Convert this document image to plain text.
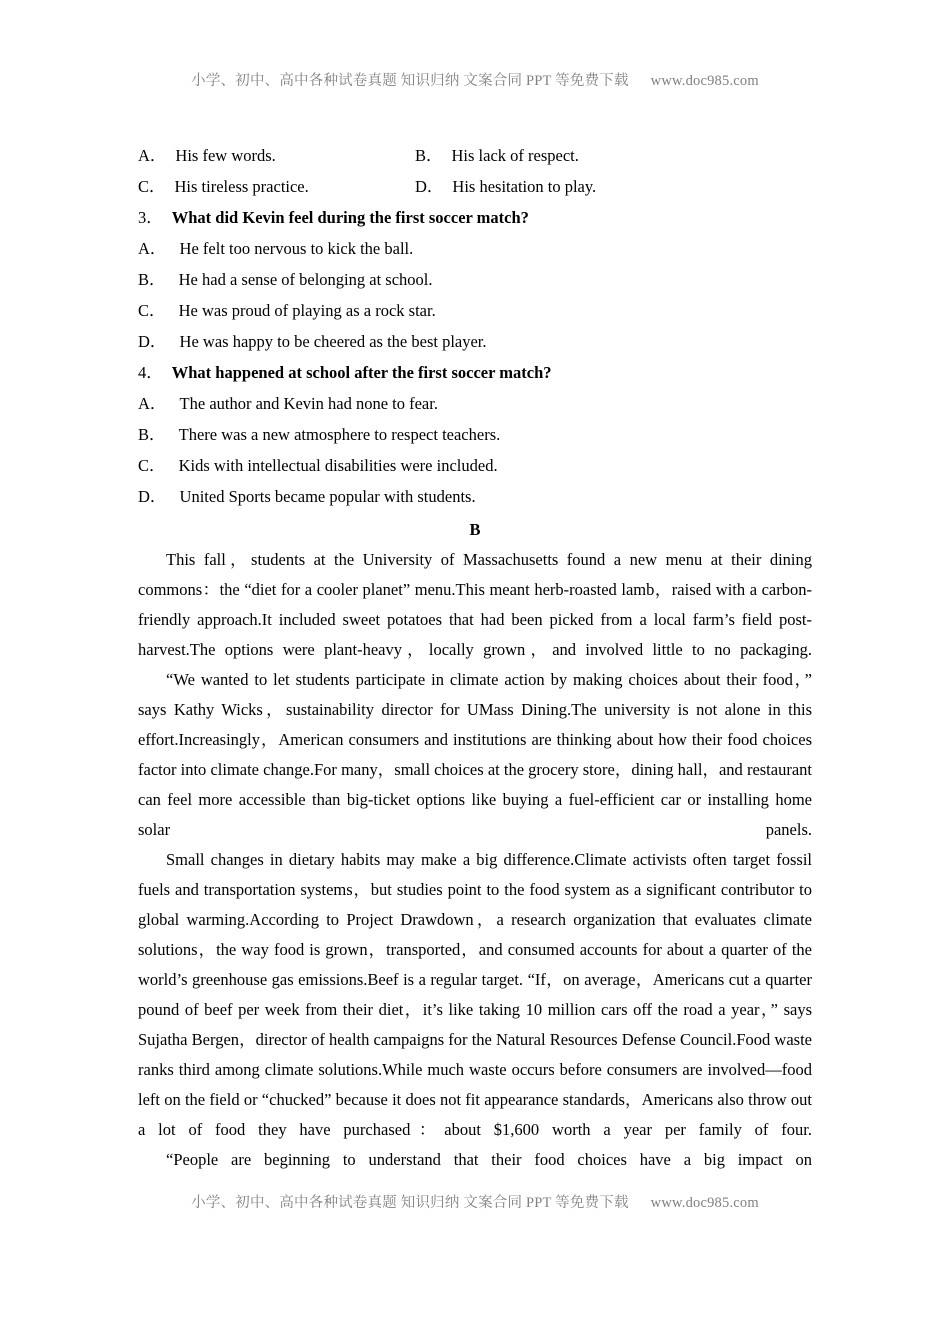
小学、初中、高中各种试卷真题 知识归纳 文案合同 PPT 等免费下载 www.doc985.com
A． His few words.	B． His lack of respect.
C． His tireless practice.	D． His hesitation to play.
3． What did Kevin feel during the first soccer match?
A． He felt too nervous to kick the ball.
B． He had a sense of belonging at school.
C． He was proud of playing as a rock star.
D． He was happy to be cheered as the best player.
4． What happened at school after the first soccer match?
A． The author and Kevin had none to fear.
B． There was a new atmosphere to respect teachers.
C． Kids with intellectual disabilities were included.
D． United Sports became popular with students.
B

This fall，students at the University of Massachusetts found a new menu at their dining commons：the “diet for a cooler planet” menu.This meant herb-roasted lamb，raised with a carbon-friendly approach.It included sweet potatoes that had been picked from a local farm’s field post-harvest.The options were plant-heavy，locally grown，and involved little to no packaging.

“We wanted to let students participate in climate action by making choices about their food，” says Kathy Wicks，sustainability director for UMass Dining.The university is not alone in this effort.Increasingly，American consumers and institutions are thinking about how their food choices factor into climate change.For many，small choices at the grocery store，dining hall，and restaurant can feel more accessible than big-ticket options like buying a fuel-efficient car or installing home solar panels.

Small changes in dietary habits may make a big difference.Climate activists often target fossil fuels and transportation systems，but studies point to the food system as a significant contributor to global warming.According to Project Drawdown，a research organization that evaluates climate solutions，the way food is grown，transported，and consumed accounts for about a quarter of the world’s greenhouse gas emissions.Beef is a regular target. “If，on average，Americans cut a quarter pound of beef per week from their diet，it’s like taking 10 million cars off the road a year，” says Sujatha Bergen，director of health campaigns for the Natural Resources Defense Council.Food waste ranks third among climate solutions.While much waste occurs before consumers are involved—food left on the field or “chucked” because it does not fit appearance standards，Americans also throw out a lot of food they have purchased：about $1,600 worth a year per family of four.

“People are beginning to understand that their food choices have a big impact on

小学、初中、高中各种试卷真题 知识归纳 文案合同 PPT 等免费下载 www.doc985.com
